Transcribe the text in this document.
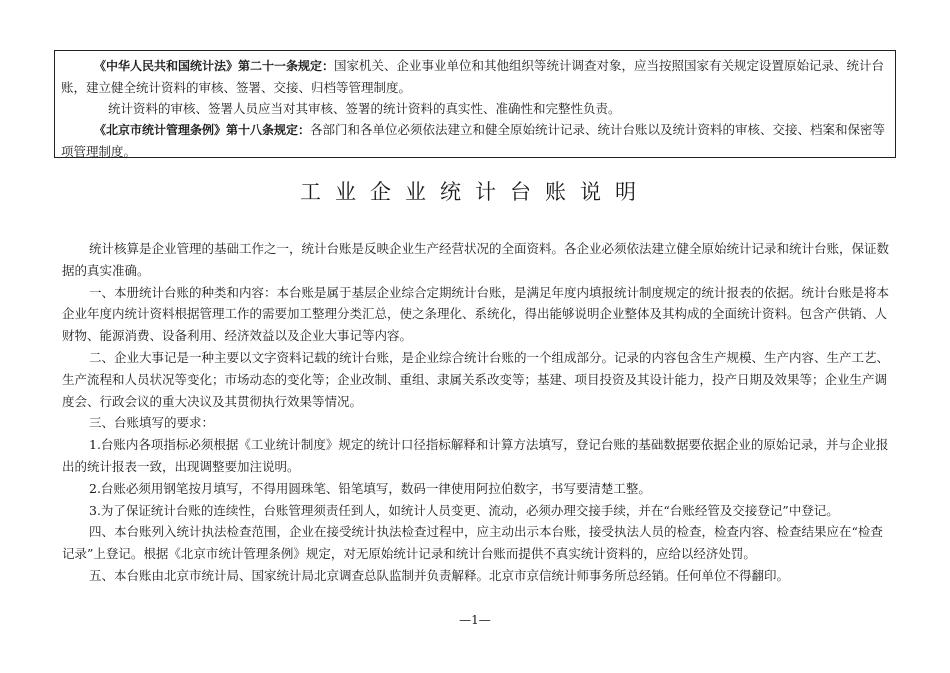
《中华人民共和国统计法》第二十一条规定：国家机关、企业事业单位和其他组织等统计调查对象，应当按照国家有关规定设置原始记录、统计台账，建立健全统计资料的审核、签署、交接、归档等管理制度。

统计资料的审核、签署人员应当对其审核、签署的统计资料的真实性、准确性和完整性负责。

《北京市统计管理条例》第十八条规定：各部门和各单位必须依法建立和健全原始统计记录、统计台账以及统计资料的审核、交接、档案和保密等项管理制度。

工业企业统计台账说明

统计核算是企业管理的基础工作之一，统计台账是反映企业生产经营状况的全面资料。各企业必须依法建立健全原始统计记录和统计台账，保证数据的真实准确。

一、本册统计台账的种类和内容：本台账是属于基层企业综合定期统计台账，是满足年度内填报统计制度规定的统计报表的依据。统计台账是将本企业年度内统计资料根据管理工作的需要加工整理分类汇总，使之条理化、系统化，得出能够说明企业整体及其构成的全面统计资料。包含产供销、人财物、能源消费、设备利用、经济效益以及企业大事记等内容。

二、企业大事记是一种主要以文字资料记载的统计台账，是企业综合统计台账的一个组成部分。记录的内容包含生产规模、生产内容、生产工艺、生产流程和人员状况等变化；市场动态的变化等；企业改制、重组、隶属关系改变等；基建、项目投资及其设计能力，投产日期及效果等；企业生产调度会、行政会议的重大决议及其贯彻执行效果等情况。

三、台账填写的要求：

1.台账内各项指标必须根据《工业统计制度》规定的统计口径指标解释和计算方法填写，登记台账的基础数据要依据企业的原始记录，并与企业报出的统计报表一致，出现调整要加注说明。

2.台账必须用钢笔按月填写，不得用圆珠笔、铅笔填写，数码一律使用阿拉伯数字，书写要清楚工整。

3.为了保证统计台账的连续性，台账管理须责任到人，如统计人员变更、流动，必须办理交接手续，并在“台账经管及交接登记”中登记。

四、本台账列入统计执法检查范围，企业在接受统计执法检查过程中，应主动出示本台账，接受执法人员的检查，检查内容、检查结果应在“检查记录”上登记。根据《北京市统计管理条例》规定，对无原始统计记录和统计台账而提供不真实统计资料的，应给以经济处罚。

五、本台账由北京市统计局、国家统计局北京调查总队监制并负责解释。北京市京信统计师事务所总经销。任何单位不得翻印。

—1—
